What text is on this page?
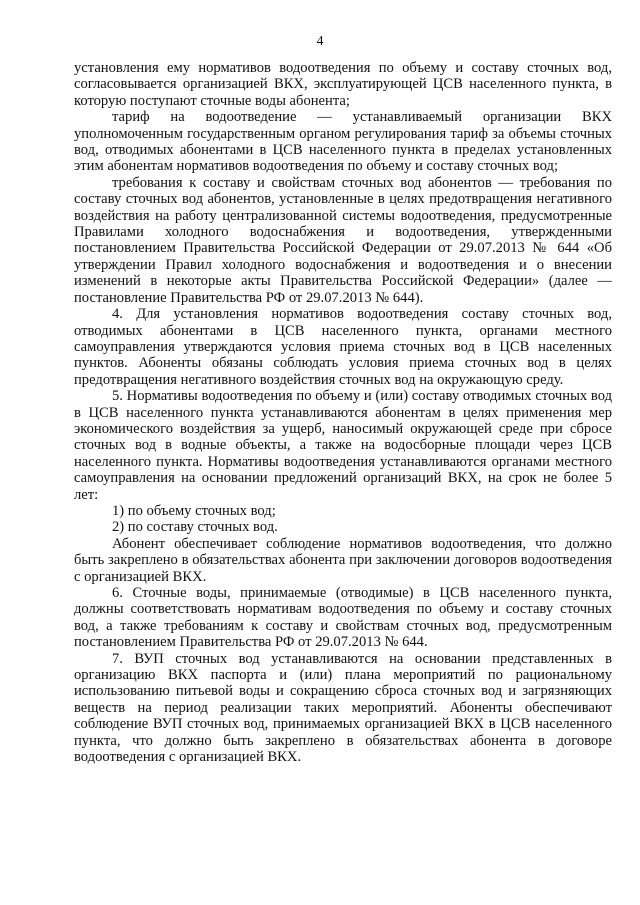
4

установления ему нормативов водоотведения по объему и составу сточных вод, согласовывается организацией ВКХ, эксплуатирующей ЦСВ населенного пункта, в которую поступают сточные воды абонента;

тариф на водоотведение — устанавливаемый организации ВКХ уполномоченным государственным органом регулирования тариф за объемы сточных вод, отводимых абонентами в ЦСВ населенного пункта в пределах установленных этим абонентам нормативов водоотведения по объему и составу сточных вод;

требования к составу и свойствам сточных вод абонентов — требования по составу сточных вод абонентов, установленные в целях предотвращения негативного воздействия на работу централизованной системы водоотведения, предусмотренные Правилами холодного водоснабжения и водоотведения, утвержденными постановлением Правительства Российской Федерации от 29.07.2013 № 644 «Об утверждении Правил холодного водоснабжения и водоотведения и о внесении изменений в некоторые акты Правительства Российской Федерации» (далее — постановление Правительства РФ от 29.07.2013 № 644).

4. Для установления нормативов водоотведения составу сточных вод, отводимых абонентами в ЦСВ населенного пункта, органами местного самоуправления утверждаются условия приема сточных вод в ЦСВ населенных пунктов. Абоненты обязаны соблюдать условия приема сточных вод в целях предотвращения негативного воздействия сточных вод на окружающую среду.

5. Нормативы водоотведения по объему и (или) составу отводимых сточных вод в ЦСВ населенного пункта устанавливаются абонентам в целях применения мер экономического воздействия за ущерб, наносимый окружающей среде при сбросе сточных вод в водные объекты, а также на водосборные площади через ЦСВ населенного пункта. Нормативы водоотведения устанавливаются органами местного самоуправления на основании предложений организаций ВКХ, на срок не более 5 лет:

1) по объему сточных вод;

2) по составу сточных вод.

Абонент обеспечивает соблюдение нормативов водоотведения, что должно быть закреплено в обязательствах абонента при заключении договоров водоотведения с организацией ВКХ.

6. Сточные воды, принимаемые (отводимые) в ЦСВ населенного пункта, должны соответствовать нормативам водоотведения по объему и составу сточных вод, а также требованиям к составу и свойствам сточных вод, предусмотренным постановлением Правительства РФ от 29.07.2013 № 644.

7. ВУП сточных вод устанавливаются на основании представленных в организацию ВКХ паспорта и (или) плана мероприятий по рациональному использованию питьевой воды и сокращению сброса сточных вод и загрязняющих веществ на период реализации таких мероприятий. Абоненты обеспечивают соблюдение ВУП сточных вод, принимаемых организацией ВКХ в ЦСВ населенного пункта, что должно быть закреплено в обязательствах абонента в договоре водоотведения с организацией ВКХ.
